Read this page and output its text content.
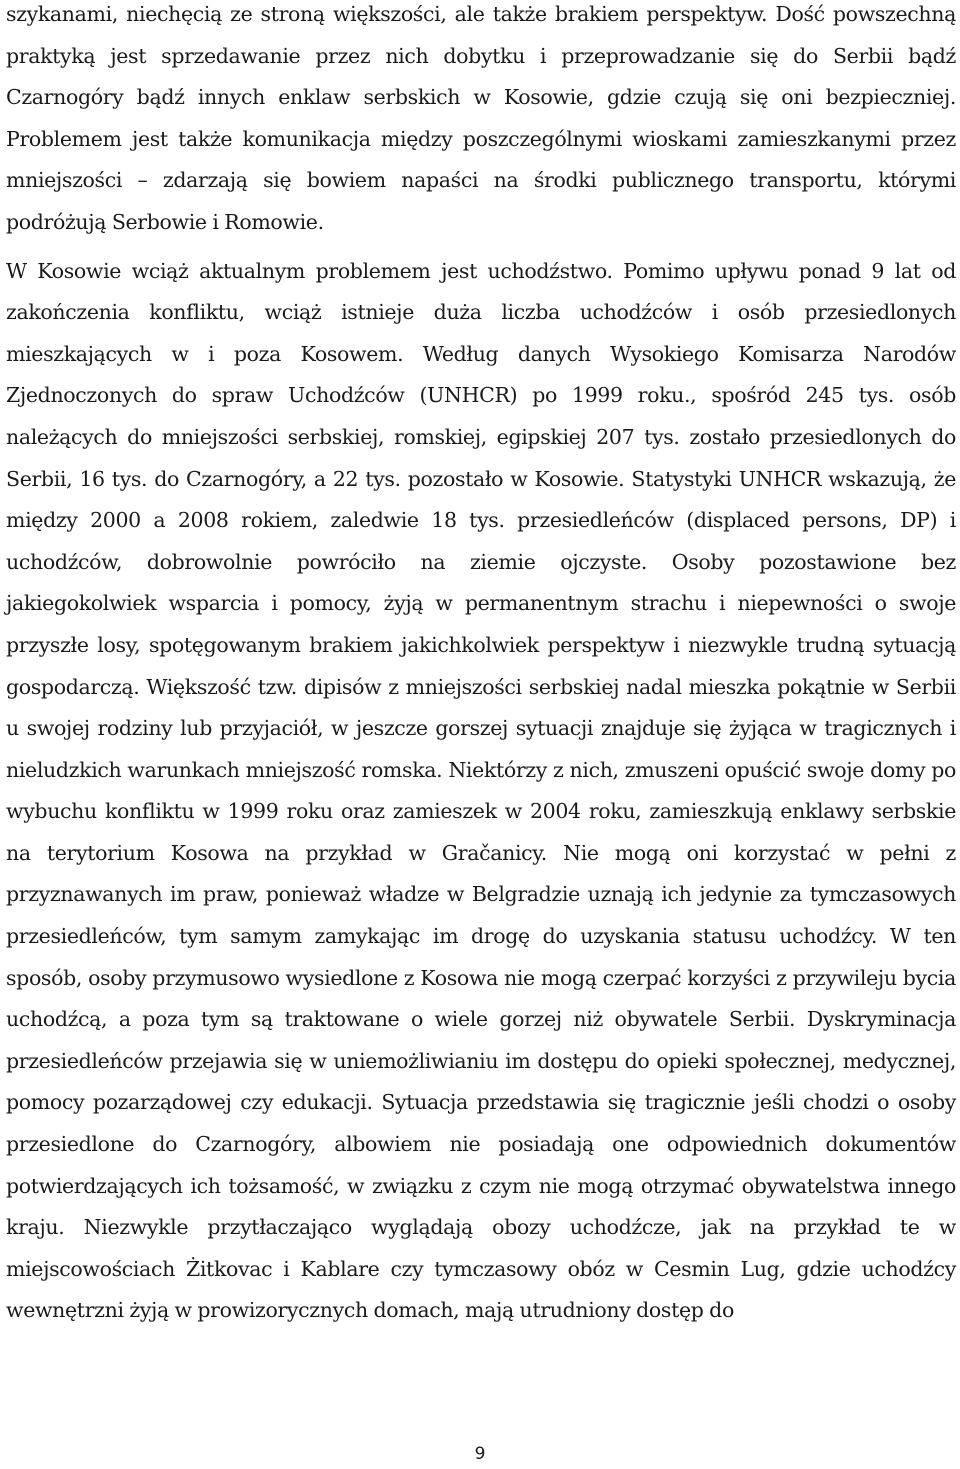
szykanami, niechęcią ze stroną większości, ale także brakiem perspektyw. Dość powszechną praktyką jest sprzedawanie przez nich dobytku i przeprowadzanie się do Serbii bądź Czarnogóry bądź innych enklaw serbskich w Kosowie, gdzie czują się oni bezpieczniej. Problemem jest także komunikacja między poszczególnymi wioskami zamieszkanymi przez mniejszości – zdarzają się bowiem napaści na środki publicznego transportu, którymi podróżują Serbowie i Romowie.

W Kosowie wciąż aktualnym problemem jest uchodźstwo. Pomimo upływu ponad 9 lat od zakończenia konfliktu, wciąż istnieje duża liczba uchodźców i osób przesiedlonych mieszkających w i poza Kosowem. Według danych Wysokiego Komisarza Narodów Zjednoczonych do spraw Uchodźców (UNHCR) po 1999 roku., spośród 245 tys. osób należących do mniejszości serbskiej, romskiej, egipskiej 207 tys. zostało przesiedlonych do Serbii, 16 tys. do Czarnogóry, a 22 tys. pozostało w Kosowie. Statystyki UNHCR wskazują, że między 2000 a 2008 rokiem, zaledwie 18 tys. przesiedleńców (displaced persons, DP) i uchodźców, dobrowolnie powróciło na ziemie ojczyste. Osoby pozostawione bez jakiegokolwiek wsparcia i pomocy, żyją w permanentnym strachu i niepewności o swoje przyszłe losy, spotęgowanym brakiem jakichkolwiek perspektyw i niezwykle trudną sytuacją gospodarczą. Większość tzw. dipisów z mniejszości serbskiej nadal mieszka pokątnie w Serbii u swojej rodziny lub przyjaciół, w jeszcze gorszej sytuacji znajduje się żyjąca w tragicznych i nieludzkich warunkach mniejszość romska. Niektórzy z nich, zmuszeni opuścić swoje domy po wybuchu konfliktu w 1999 roku oraz zamieszek w 2004 roku, zamieszkują enklawy serbskie na terytorium Kosowa na przykład w Gračanicy. Nie mogą oni korzystać w pełni z przyznawanych im praw, ponieważ władze w Belgradzie uznają ich jedynie za tymczasowych przesiedleńców, tym samym zamykając im drogę do uzyskania statusu uchodźcy. W ten sposób, osoby przymusowo wysiedlone z Kosowa nie mogą czerpać korzyści z przywileju bycia uchodźcą, a poza tym są traktowane o wiele gorzej niż obywatele Serbii. Dyskryminacja przesiedleńców przejawia się w uniemożliwianiu im dostępu do opieki społecznej, medycznej, pomocy pozarządowej czy edukacji. Sytuacja przedstawia się tragicznie jeśli chodzi o osoby przesiedlone do Czarnogóry, albowiem nie posiadają one odpowiednich dokumentów potwierdzających ich tożsamość, w związku z czym nie mogą otrzymać obywatelstwa innego kraju. Niezwykle przytłaczająco wyglądają obozy uchodźcze, jak na przykład te w miejscowościach Żitkovac i Kablare czy tymczasowy obóz w Cesmin Lug, gdzie uchodźcy wewnętrzni żyją w prowizorycznych domach, mają utrudniony dostęp do

9
